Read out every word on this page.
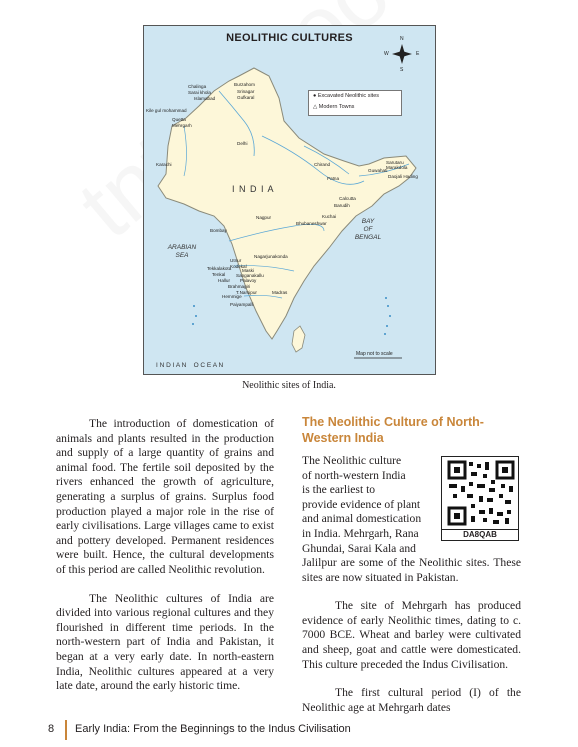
NEOLITHIC CULTURES	N
S
E
W
● Excavated Neolithic sites
△ Modern Towns
Burzahom
Chalinga
Srinagar
Sarai khola
Gufkaral
Islamabad
Kile gul mohammad
Quetta
Mehrgarh
Delhi
Karachi	Chirand
Patna
Guwahati
Sarutaru
Marakdola
Daojali Hading
Calcutta
Barudih
Kuchai
Bhubaneshwar
Nagpur
Bombay
Nagarjunakonda
Utnur
Kodekal
Maski
Tekkalakota
Sanganakallu
Tenkal
Hallur Palavoy
Brahmagiri
T.Narsipur	Madras
Hemmige
Paiyampalli
I N D I A
ARABIAN
SEA
BAY
OF
BENGAL
I N D I A N    O C E A N
Map not to scale
Neolithic sites of India.

The introduction of domestication of animals and plants resulted in the production and supply of a large quantity of grains and animal food. The fertile soil deposited by the rivers enhanced the growth of agriculture, generating a surplus of grains. Surplus food production played a major role in the rise of early civilisations. Large villages came to exist and pottery developed. Permanent residences were built. Hence, the cultural developments of this period are called Neolithic revolution.

The Neolithic cultures of India are divided into various regional cultures and they flourished in different time periods. In the north-western part of India and Pakistan, it began at a very early date. In north-eastern India, Neolithic cultures appeared at a very late date, around the early historic time.

The Neolithic Culture of North-Western India
The Neolithic culture
of north-western India
is the earliest to
provide evidence of plant
and animal domestication
in India. Mehrgarh, Rana
Ghundai, Sarai Kala and
DA8QAB

Jalilpur are some of the Neolithic sites. These sites are now situated in Pakistan.

The site of Mehrgarh has produced evidence of early Neolithic times, dating to c. 7000 BCE. Wheat and barley were cultivated and sheep, goat and cattle were domesticated. This culture preceded the Indus Civilisation.

The first cultural period (I) of the Neolithic age at Mehrgarh dates

8 Early India: From the Beginnings to the Indus Civilisation
